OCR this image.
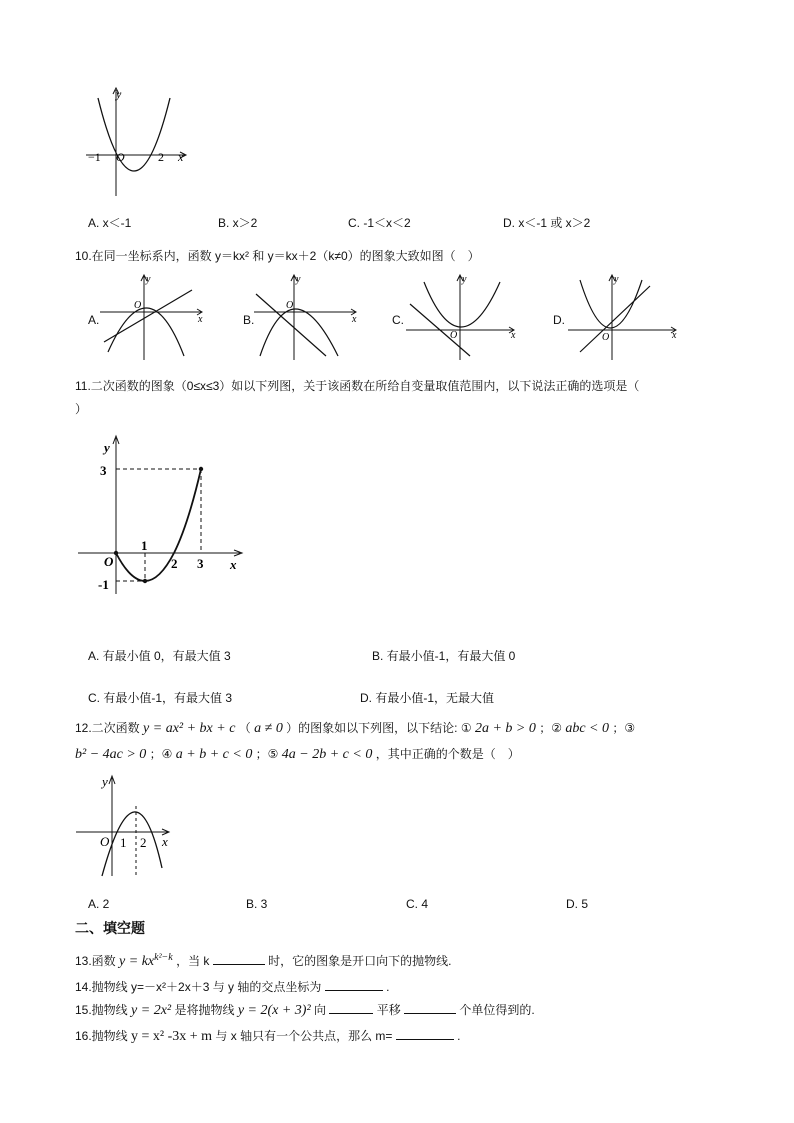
y
x
O
−1	2
A. x＜-1	B. x＞2	C. -1＜x＜2	D. x＜-1 或 x＞2
10.在同一坐标系内，函数 y＝kx² 和 y＝kx＋2（k≠0）的图象大致如图（　）
A.
y
x
O
B.
y
x
O
C.
y
x
O
D.
y
x
O
11.二次函数的图象（0≤x≤3）如以下列图，关于该函数在所给自变量取值范围内，以下说法正确的选项是（
）
y
x
O
3
-1
1
2 3
A. 有最小值 0，有最大值 3	B. 有最小值-1，有最大值 0
C. 有最小值-1，有最大值 3	D. 有最小值-1，无最大值
12.二次函数 y = ax² + bx + c （ a ≠ 0 ）的图象如以下列图，以下结论: ① 2a + b > 0 ；② abc < 0 ；③
b² − 4ac > 0 ；④ a + b + c < 0 ；⑤ 4a − 2b + c < 0 ，其中正确的个数是（　）
y
x
O 1 2
A. 2	B. 3	C. 4	D. 5
二、填空题
13.函数 $y = kx^{k^2-k}$ ，当 k	时，它的图象是开口向下的抛物线.
14.抛物线 y=－x²＋2x＋3 与 y 轴的交点坐标为	.
15.抛物线 y = 2x² 是将抛物线 y = 2(x + 3)² 向	平移	个单位得到的.
16.抛物线 y = x² -3x + m 与 x 轴只有一个公共点，那么 m=	.
